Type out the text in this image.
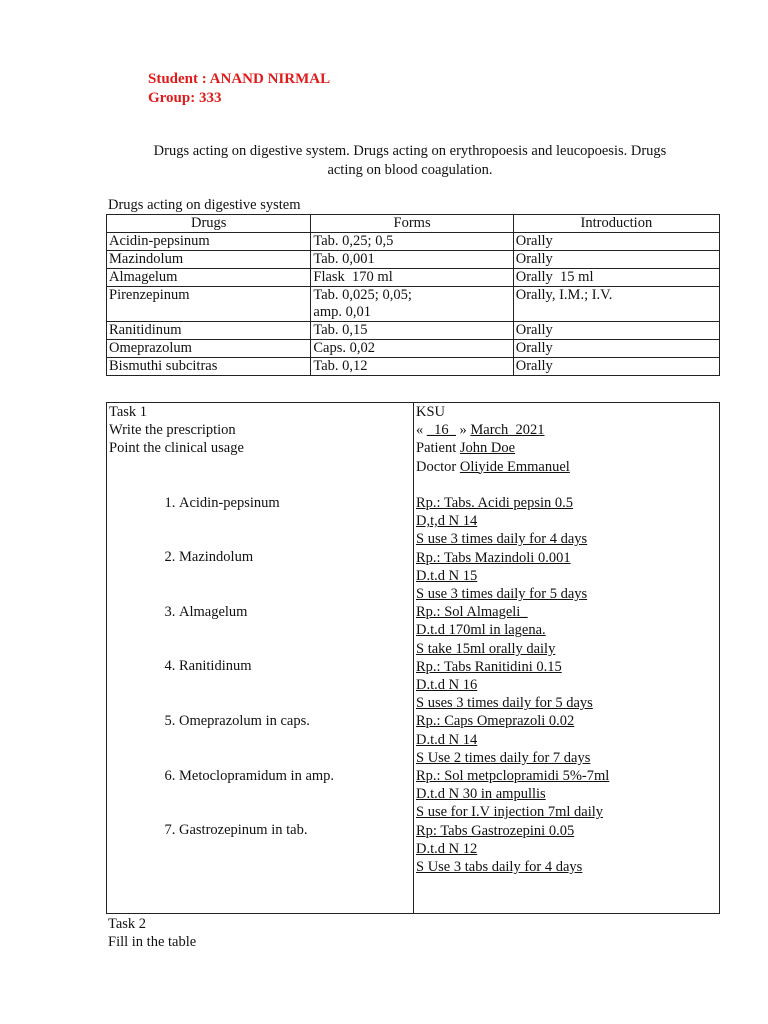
Student : ANAND NIRMAL
Group: 333
Drugs acting on digestive system. Drugs acting on erythropoesis and leucopoesis. Drugs
acting on blood coagulation.
Drugs acting on digestive system
Drugs	Forms	Introduction
Acidin-pepsinum	Tab. 0,25; 0,5	Orally
Mazindolum	Tab. 0,001	Orally
Almagelum	Flask  170 ml	Orally  15 ml
Pirenzepinum	Tab. 0,025; 0,05;
amp. 0,01	Orally, I.M.; I.V.
Ranitidinum	Tab. 0,15	Orally
Omeprazolum	Caps. 0,02	Orally
Bismuthi subcitras	Tab. 0,12	Orally
Task 1
Write the prescription
Point the clinical usage
1. Acidin-pepsinum
2. Mazindolum
3. Almagelum
4. Ranitidinum
5. Omeprazolum in caps.
6. Metoclopramidum in amp.
7. Gastrozepinum in tab.

KSU
« _16_ » March  2021
Patient John Doe
Doctor Oliyide Emmanuel
Rp.: Tabs. Acidi pepsin 0.5
D,t,d N 14
S use 3 times daily for 4 days
Rp.: Tabs Mazindoli 0.001
D.t.d N 15
S use 3 times daily for 5 days
Rp.: Sol Almageli_
D.t.d 170ml in lagena.
S take 15ml orally daily
Rp.: Tabs Ranitidini 0.15
D.t.d N 16
S uses 3 times daily for 5 days
Rp.: Caps Omeprazoli 0.02
D.t.d N 14
S Use 2 times daily for 7 days
Rp.: Sol metpclopramidi 5%-7ml
D.t.d N 30 in ampullis
S use for I.V injection 7ml daily
Rp: Tabs Gastrozepini 0.05
D.t.d N 12
S Use 3 tabs daily for 4 days
Task 2
Fill in the table
